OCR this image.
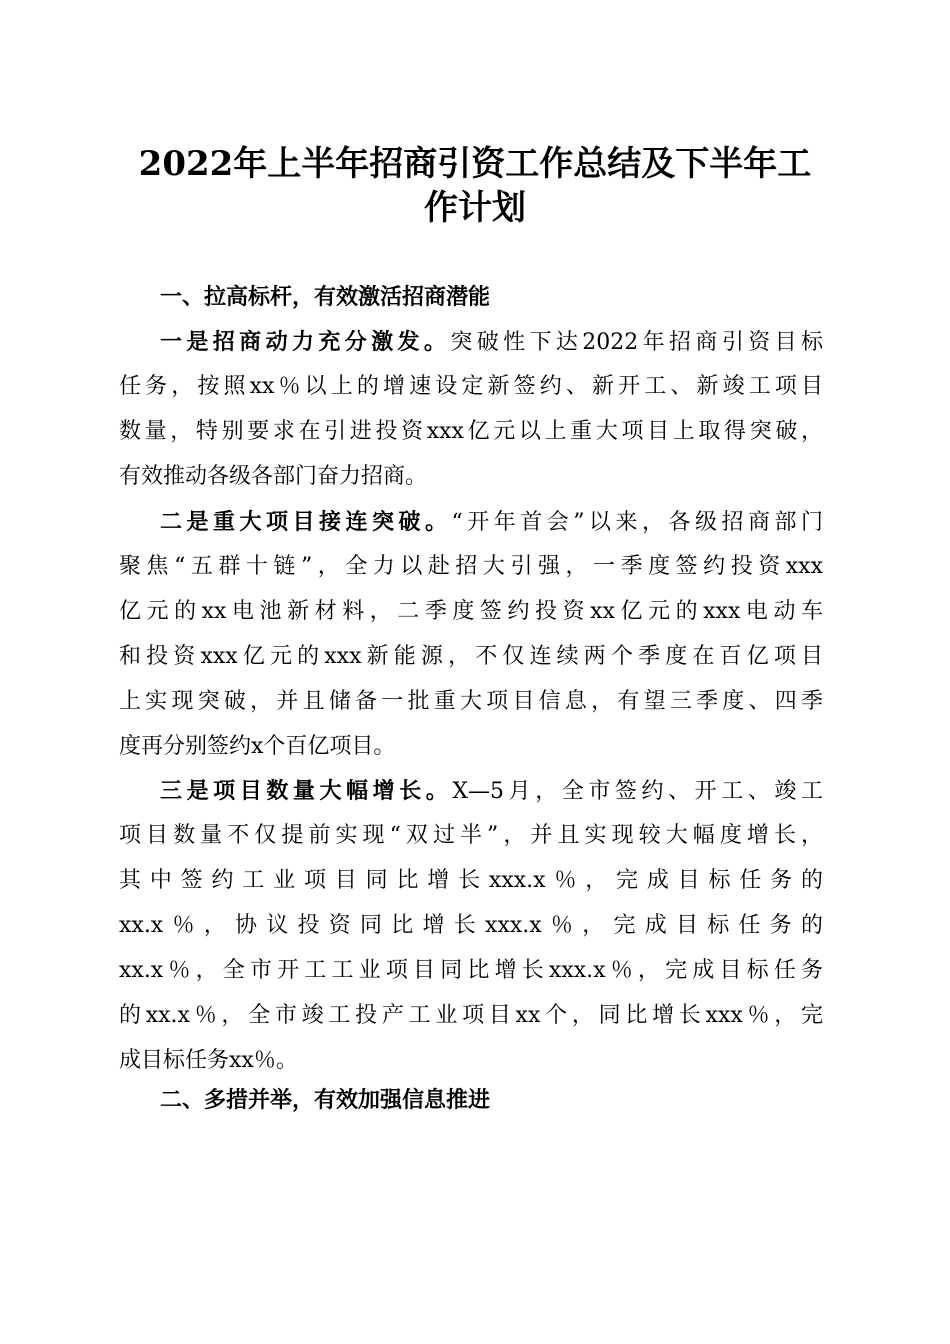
2022年上半年招商引资工作总结及下半年工
作计划
一、拉高标杆，有效激活招商潜能

一是招商动力充分激发。突破性下达2022年招商引资目标

任务，按照xx％以上的增速设定新签约、新开工、新竣工项目

数量，特别要求在引进投资xxx亿元以上重大项目上取得突破，

有效推动各级各部门奋力招商。

二是重大项目接连突破。“开年首会”以来，各级招商部门

聚焦“五群十链”，全力以赴招大引强，一季度签约投资xxx

亿元的xx电池新材料，二季度签约投资xx亿元的xxx电动车

和投资xxx亿元的xxx新能源，不仅连续两个季度在百亿项目

上实现突破，并且储备一批重大项目信息，有望三季度、四季

度再分别签约x个百亿项目。

三是项目数量大幅增长。X—5月，全市签约、开工、竣工

项目数量不仅提前实现“双过半”，并且实现较大幅度增长，

其中签约工业项目同比增长xxx.x％，完成目标任务的

xx.x％，协议投资同比增长xxx.x％，完成目标任务的

xx.x％，全市开工工业项目同比增长xxx.x％，完成目标任务

的xx.x％，全市竣工投产工业项目xx个，同比增长xxx％，完

成目标任务xx％。

二、多措并举，有效加强信息推进
